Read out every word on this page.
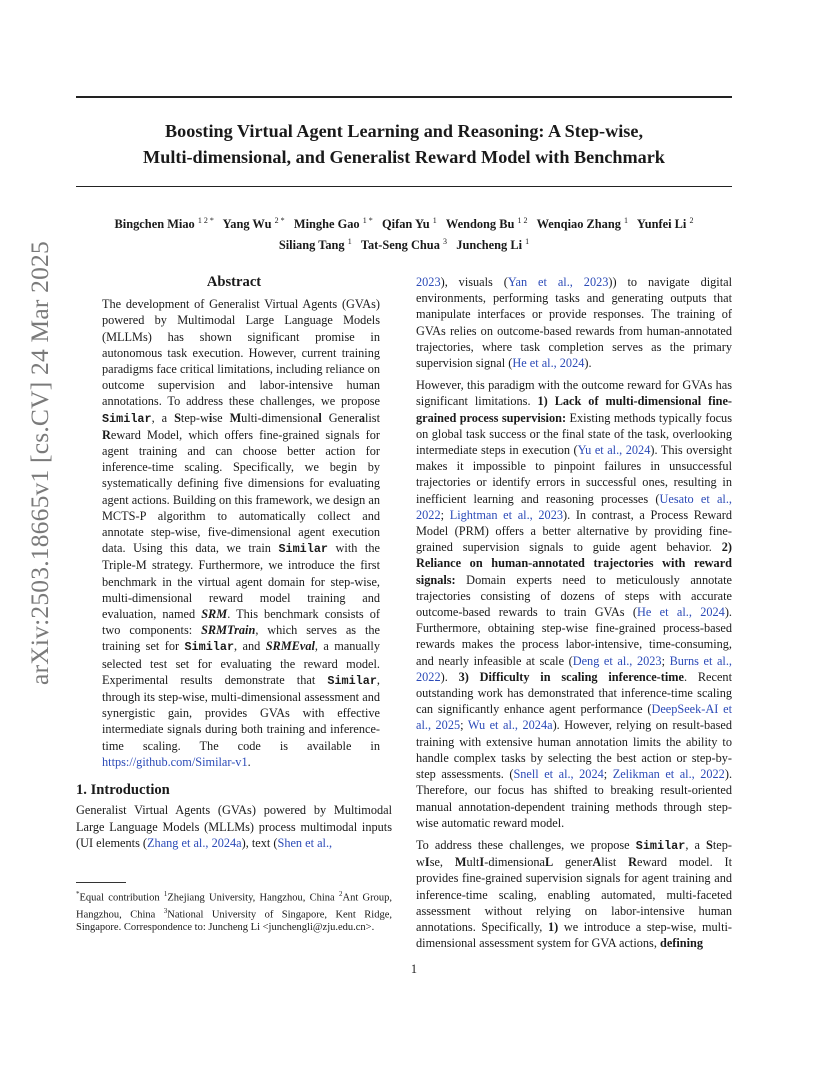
Boosting Virtual Agent Learning and Reasoning: A Step-wise,
Multi-dimensional, and Generalist Reward Model with Benchmark
Bingchen Miao $^{1 2 *}$ Yang Wu $^{2 *}$ Minghe Gao $^{1 *}$ Qifan Yu $^1$ Wendong Bu $^{1 2}$ Wenqiao Zhang $^1$ Yunfei Li $^2$
Siliang Tang $^1$ Tat-Seng Chua $^3$ Juncheng Li $^1$
arXiv:2503.18665v1 [cs.CV] 24 Mar 2025	Abstract

The development of Generalist Virtual Agents (GVAs) powered by Multimodal Large Language Models (MLLMs) has shown significant promise in autonomous task execution. However, current training paradigms face critical limitations, including reliance on outcome supervision and labor-intensive human annotations. To address these challenges, we propose Similar, a Step-wise Multi-dimensional Generalist Reward Model, which offers fine-grained signals for agent training and can choose better action for inference-time scaling. Specifically, we begin by systematically defining five dimensions for evaluating agent actions. Building on this framework, we design an MCTS-P algorithm to automatically collect and annotate step-wise, five-dimensional agent execution data. Using this data, we train Similar with the Triple-M strategy. Furthermore, we introduce the first benchmark in the virtual agent domain for step-wise, multi-dimensional reward model training and evaluation, named SRM. This benchmark consists of two components: SRMTrain, which serves as the training set for Similar, and SRMEval, a manually selected test set for evaluating the reward model. Experimental results demonstrate that Similar, through its step-wise, multi-dimensional assessment and synergistic gain, provides GVAs with effective intermediate signals during both training and inference-time scaling. The code is available in https://github.com/Similar-v1.

1. Introduction

Generalist Virtual Agents (GVAs) powered by Multimodal Large Language Models (MLLMs) process multimodal inputs (UI elements (Zhang et al., 2024a), text (Shen et al.,

2023), visuals (Yan et al., 2023)) to navigate digital environments, performing tasks and generating outputs that manipulate interfaces or provide responses. The training of GVAs relies on outcome-based rewards from human-annotated trajectories, where task completion serves as the primary supervision signal (He et al., 2024).

However, this paradigm with the outcome reward for GVAs has significant limitations. 1) Lack of multi-dimensional fine-grained process supervision: Existing methods typically focus on global task success or the final state of the task, overlooking intermediate steps in execution (Yu et al., 2024). This oversight makes it impossible to pinpoint failures in unsuccessful trajectories or identify errors in successful ones, resulting in inefficient learning and reasoning processes (Uesato et al., 2022; Lightman et al., 2023). In contrast, a Process Reward Model (PRM) offers a better alternative by providing fine-grained supervision signals to guide agent behavior. 2) Reliance on human-annotated trajectories with reward signals: Domain experts need to meticulously annotate trajectories consisting of dozens of steps with accurate outcome-based rewards to train GVAs (He et al., 2024). Furthermore, obtaining step-wise fine-grained process-based rewards makes the process labor-intensive, time-consuming, and nearly infeasible at scale (Deng et al., 2023; Burns et al., 2022). 3) Difficulty in scaling inference-time. Recent outstanding work has demonstrated that inference-time scaling can significantly enhance agent performance (DeepSeek-AI et al., 2025; Wu et al., 2024a). However, relying on result-based training with extensive human annotation limits the ability to handle complex tasks by selecting the best action or step-by-step assessments. (Snell et al., 2024; Zelikman et al., 2022). Therefore, our focus has shifted to breaking result-oriented manual annotation-dependent training methods through step-wise automatic reward model.

To address these challenges, we propose Similar, a Step-wIse, MultI-dimensionaL generAlist Reward model. It provides fine-grained supervision signals for agent training and inference-time scaling, enabling automated, multi-faceted assessment without relying on labor-intensive human annotations. Specifically, 1) we introduce a step-wise, multi-dimensional assessment system for GVA actions, defining

*Equal contribution $^1$Zhejiang University, Hangzhou, China $^2$Ant Group, Hangzhou, China $^3$National University of Singapore, Kent Ridge, Singapore. Correspondence to: Juncheng Li <junchengli@zju.edu.cn>.
1
